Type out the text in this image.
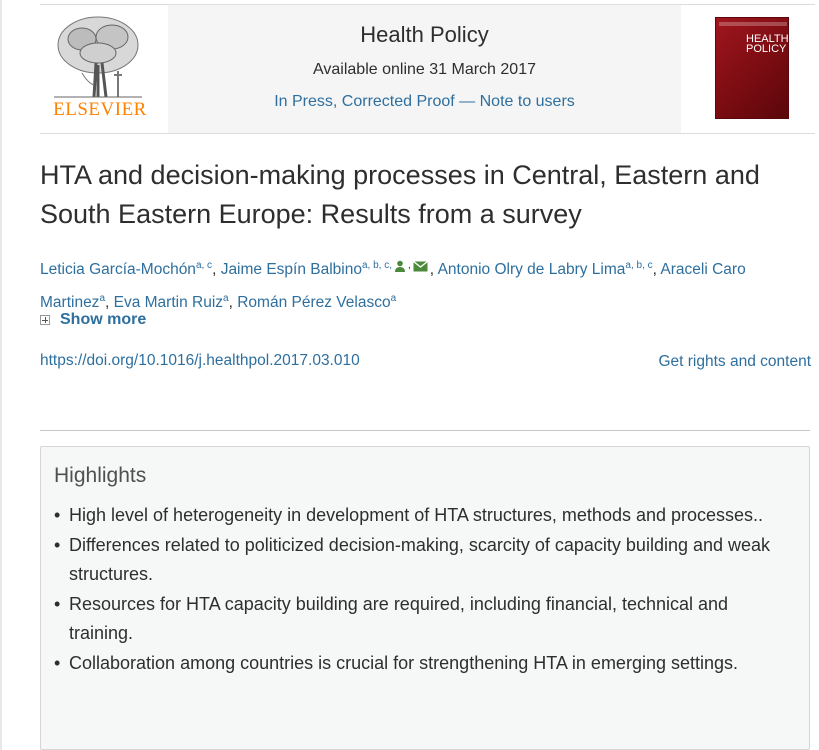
ELSEVIER
Health Policy
Available online 31 March 2017
In Press, Corrected Proof — Note to users
HEALTH
POLICY
HTA and decision-making processes in Central, Eastern and South Eastern Europe: Results from a survey
Leticia García-Mochón$^{a, c}$, Jaime Espín Balbino$^{a, b, c,}$ , , Antonio Olry de Labry Lima$^{a, b, c}$, Araceli Caro Martinez$^a$, Eva Martin Ruiz$^a$, Román Pérez Velasco$^a$
Show more
https://doi.org/10.1016/j.healthpol.2017.03.010	Get rights and content
Highlights
• High level of heterogeneity in development of HTA structures, methods and processes..
• Differences related to politicized decision-making, scarcity of capacity building and weak structures.
• Resources for HTA capacity building are required, including financial, technical and training.
• Collaboration among countries is crucial for strengthening HTA in emerging settings.
